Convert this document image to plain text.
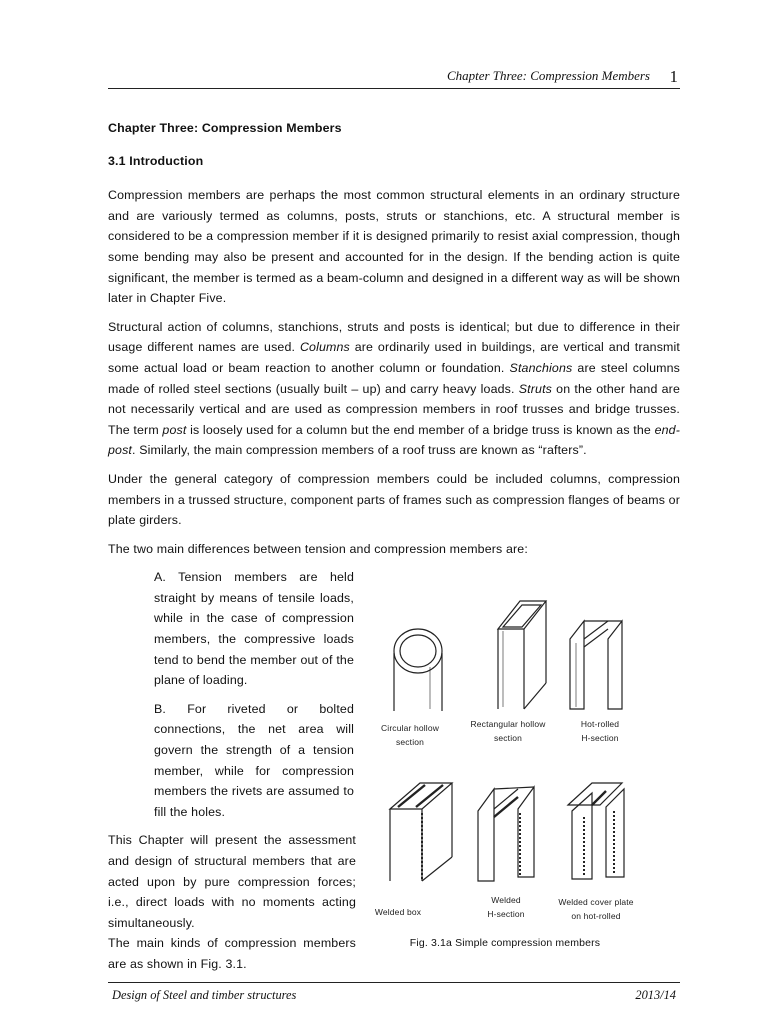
Chapter Three: Compression Members 1
Chapter Three: Compression Members
3.1 Introduction

Compression members are perhaps the most common structural elements in an ordinary structure and are variously termed as columns, posts, struts or stanchions, etc. A structural member is considered to be a compression member if it is designed primarily to resist axial compression, though some bending may also be present and accounted for in the design. If the bending action is quite significant, the member is termed as a beam-column and designed in a different way as will be shown later in Chapter Five.

Structural action of columns, stanchions, struts and posts is identical; but due to difference in their usage different names are used. Columns are ordinarily used in buildings, are vertical and transmit some actual load or beam reaction to another column or foundation. Stanchions are steel columns made of rolled steel sections (usually built – up) and carry heavy loads. Struts on the other hand are not necessarily vertical and are used as compression members in roof trusses and bridge trusses. The term post is loosely used for a column but the end member of a bridge truss is known as the end-post. Similarly, the main compression members of a roof truss are known as “rafters”.

Under the general category of compression members could be included columns, compression members in a trussed structure, component parts of frames such as compression flanges of beams or plate girders.

The two main differences between tension and compression members are:

A. Tension members are held straight by means of tensile loads, while in the case of compression members, the compressive loads tend to bend the member out of the plane of loading.
B. For riveted or bolted connections, the net area will govern the strength of a tension member, while for compression members the rivets are assumed to fill the holes.
This Chapter will present the assessment and design of structural members that are acted upon by pure compression forces; i.e., direct loads with no moments acting simultaneously.
The main kinds of compression members are as shown in Fig. 3.1.
Circular hollow
section
Rectangular hollow
section
Hot-rolled
H-section
Welded box
Welded
H-section
Welded cover plate
on hot-rolled
Fig. 3.1a Simple compression members
Design of Steel and timber structures	2013/14
